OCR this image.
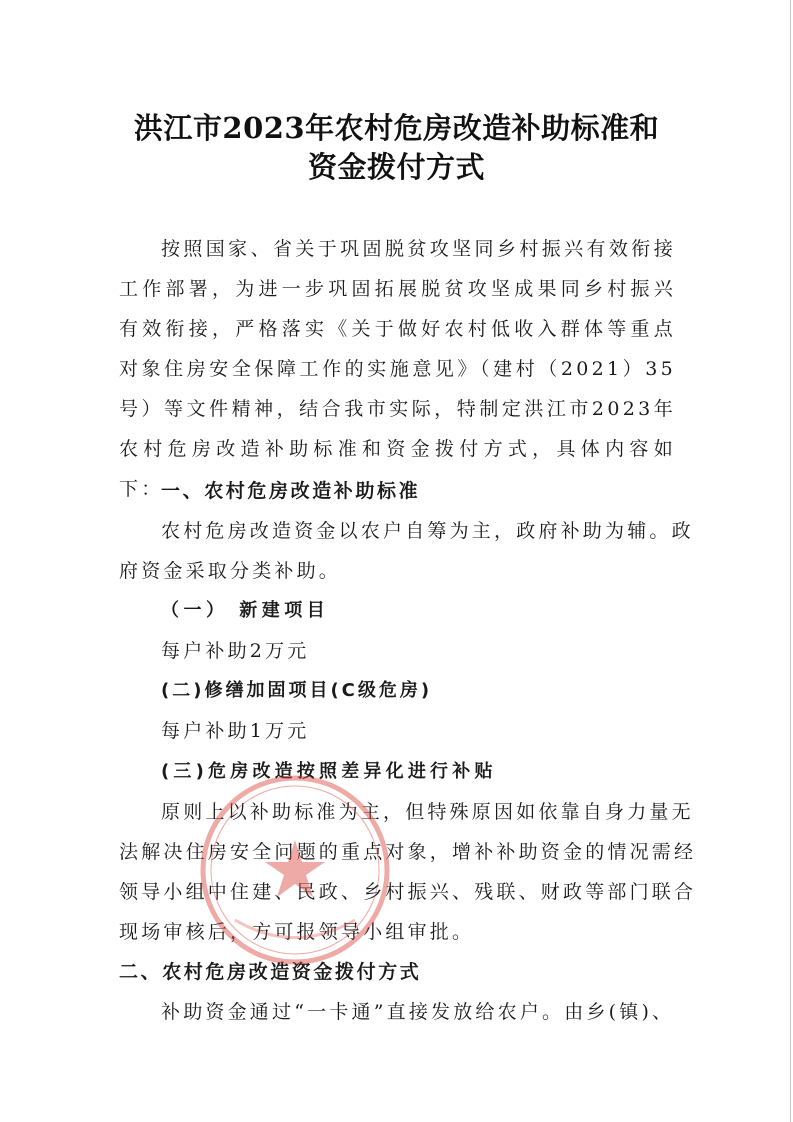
洪江市2023年农村危房改造补助标准和
资金拨付方式
按照国家、省关于巩固脱贫攻坚同乡村振兴有效衔接工作部署，为进一步巩固拓展脱贫攻坚成果同乡村振兴有效衔接，严格落实《关于做好农村低收入群体等重点对象住房安全保障工作的实施意见》（建村（2021）35号）等文件精神，结合我市实际，特制定洪江市2023年农村危房改造补助标准和资金拨付方式，具体内容如下：
一、农村危房改造补助标准
农村危房改造资金以农户自筹为主，政府补助为辅。政
府资金采取分类补助。
（一） 新建项目
每户补助2万元
(二)修缮加固项目(C级危房)
每户补助1万元
(三)危房改造按照差异化进行补贴
原则上以补助标准为主，但特殊原因如依靠自身力量无
法解决住房安全问题的重点对象，增补补助资金的情况需经
领导小组中住建、民政、乡村振兴、残联、财政等部门联合
现场审核后，方可报领导小组审批。
二、农村危房改造资金拨付方式
补助资金通过“一卡通”直接发放给农户。由乡(镇)、
